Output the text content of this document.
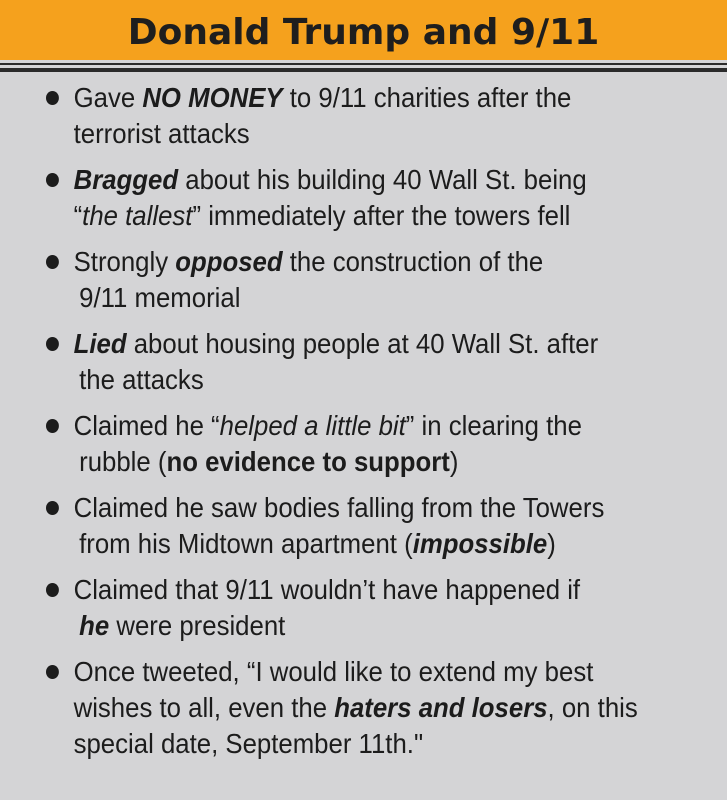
Donald Trump and 9/11
Gave NO MONEY to 9/11 charities after the
terrorist attacks
Bragged about his building 40 Wall St. being
“the tallest” immediately after the towers fell
Strongly opposed the construction of the
9/11 memorial
Lied about housing people at 40 Wall St. after
the attacks
Claimed he “helped a little bit” in clearing the
rubble (no evidence to support)
Claimed he saw bodies falling from the Towers
from his Midtown apartment (impossible)
Claimed that 9/11 wouldn’t have happened if
he were president
Once tweeted, “I would like to extend my best
wishes to all, even the haters and losers, on this
special date, September 11th."
